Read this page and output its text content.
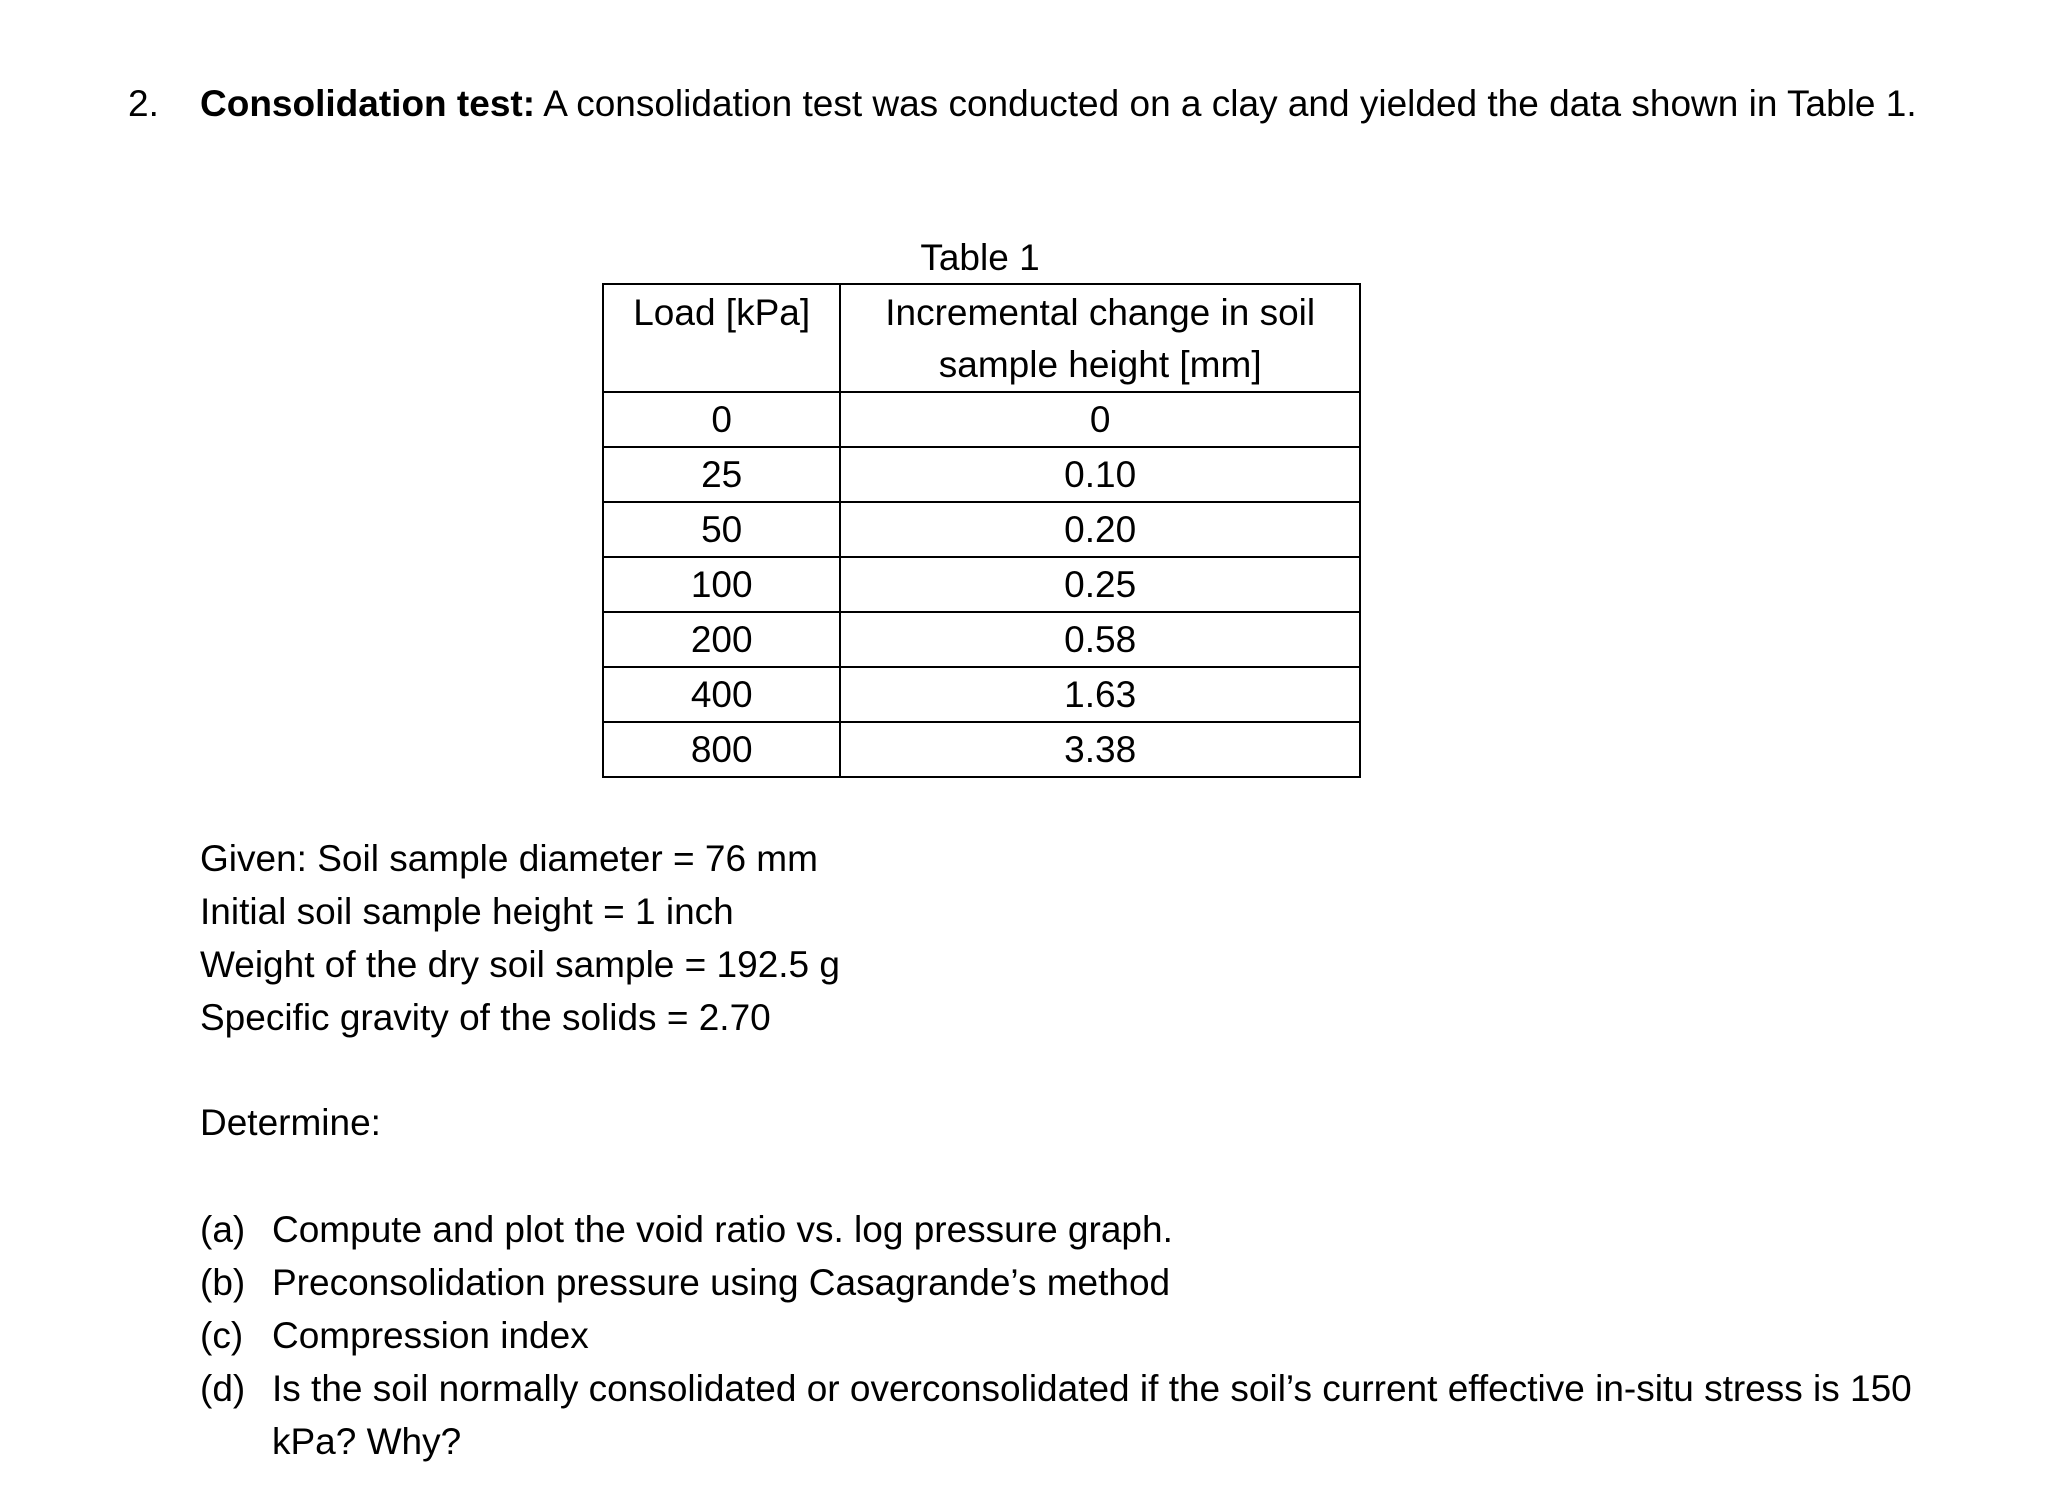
2. Consolidation test: A consolidation test was conducted on a clay and yielded the data shown in Table 1.
Table 1
Load [kPa]	Incremental change in soil sample height [mm]
0	0
25	0.10
50	0.20
100	0.25
200	0.58
400	1.63
800	3.38
Given: Soil sample diameter = 76 mm
Initial soil sample height = 1 inch
Weight of the dry soil sample = 192.5 g
Specific gravity of the solids = 2.70
Determine:
(a) Compute and plot the void ratio vs. log pressure graph.
(b) Preconsolidation pressure using Casagrande’s method
(c) Compression index
(d) Is the soil normally consolidated or overconsolidated if the soil’s current effective in-situ stress is 150 kPa? Why?
